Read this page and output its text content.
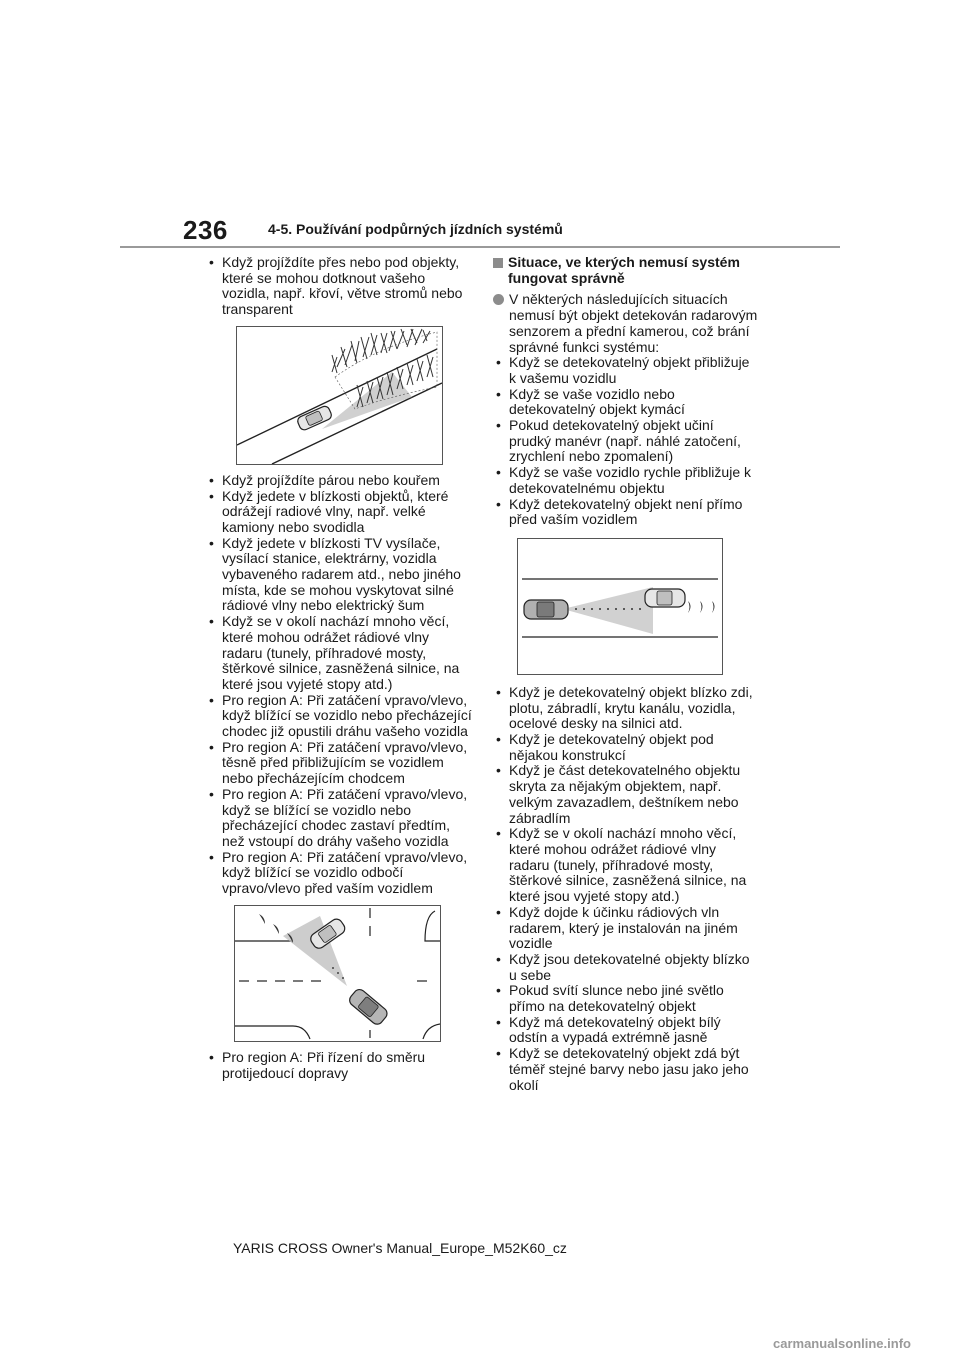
236	4-5. Používání podpůrných jízdních systémů
• Když projíždíte přes nebo pod objekty, které se mohou dotknout vašeho vozidla, např. křoví, větve stromů nebo transparent
• Když projíždíte párou nebo kouřem
• Když jedete v blízkosti objektů, které odrážejí radiové vlny, např. velké kamiony nebo svodidla
• Když jedete v blízkosti TV vysílače, vysílací stanice, elektrárny, vozidla vybaveného radarem atd., nebo jiného místa, kde se mohou vyskytovat silné rádiové vlny nebo elektrický šum
• Když se v okolí nachází mnoho věcí, které mohou odrážet rádiové vlny radaru (tunely, příhradové mosty, štěrkové silnice, zasněžená silnice, na které jsou vyjeté stopy atd.)
• Pro region A: Při zatáčení vpravo/vlevo, když blížící se vozidlo nebo přecházející chodec již opustili dráhu vašeho vozidla
• Pro region A: Při zatáčení vpravo/vlevo, těsně před přibližujícím se vozidlem nebo přecházejícím chodcem
• Pro region A: Při zatáčení vpravo/vlevo, když se blížící se vozidlo nebo přecházející chodec zastaví předtím, než vstoupí do dráhy vašeho vozidla
• Pro region A: Při zatáčení vpravo/vlevo, když blížící se vozidlo odbočí vpravo/vlevo před vaším vozidlem
• Pro region A: Při řízení do směru protijedoucí dopravy
Situace, ve kterých nemusí systém fungovat správně
V některých následujících situacích nemusí být objekt detekován radarovým senzorem a přední kamerou, což brání správné funkci systému:
• Když se detekovatelný objekt přibližuje k vašemu vozidlu
• Když se vaše vozidlo nebo detekovatelný objekt kymácí
• Pokud detekovatelný objekt učiní prudký manévr (např. náhlé zatočení, zrychlení nebo zpomalení)
• Když se vaše vozidlo rychle přibližuje k detekovatelnému objektu
• Když detekovatelný objekt není přímo před vaším vozidlem
• Když je detekovatelný objekt blízko zdi, plotu, zábradlí, krytu kanálu, vozidla, ocelové desky na silnici atd.
• Když je detekovatelný objekt pod nějakou konstrukcí
• Když je část detekovatelného objektu skryta za nějakým objektem, např. velkým zavazadlem, deštníkem nebo zábradlím
• Když se v okolí nachází mnoho věcí, které mohou odrážet rádiové vlny radaru (tunely, příhradové mosty, štěrkové silnice, zasněžená silnice, na které jsou vyjeté stopy atd.)
• Když dojde k účinku rádiových vln radarem, který je instalován na jiném vozidle
• Když jsou detekovatelné objekty blízko u sebe
• Pokud svítí slunce nebo jiné světlo přímo na detekovatelný objekt
• Když má detekovatelný objekt bílý odstín a vypadá extrémně jasně
• Když se detekovatelný objekt zdá být téměř stejné barvy nebo jasu jako jeho okolí
YARIS CROSS Owner's Manual_Europe_M52K60_cz
carmanualsonline.info
